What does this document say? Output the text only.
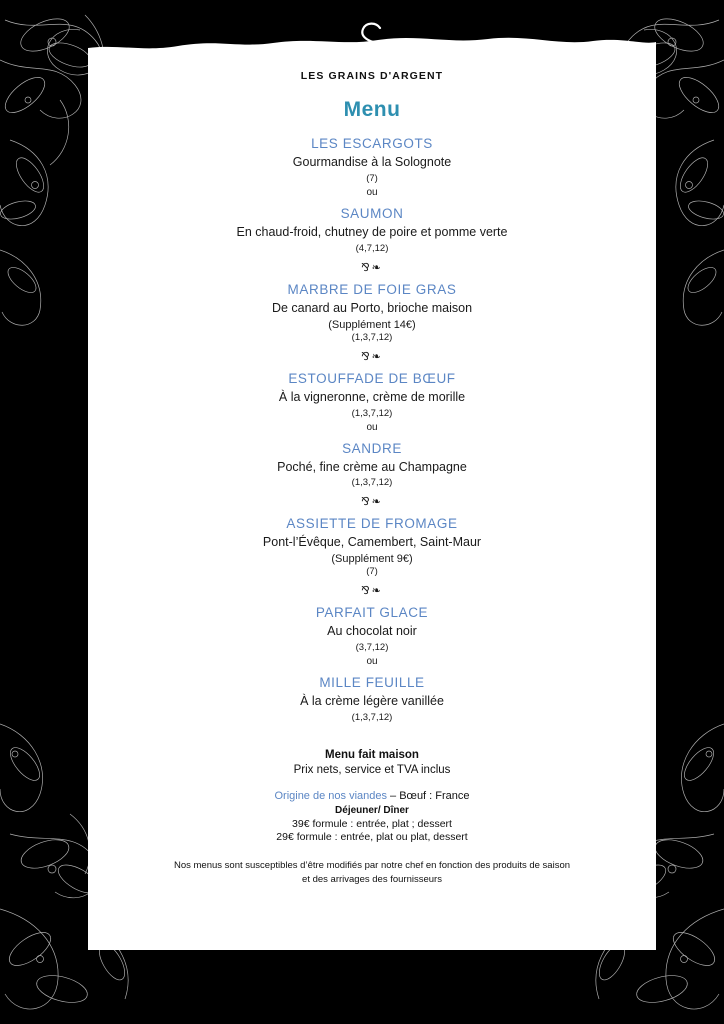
LES GRAINS D'ARGENT
Menu
LES ESCARGOTS
Gourmandise à la Solognote
(7)
ou
SAUMON
En chaud-froid, chutney de poire et pomme verte
(4,7,12)
⅋❧
MARBRE DE FOIE GRAS
De canard au Porto, brioche maison
(Supplément 14€)
(1,3,7,12)
⅋❧
ESTOUFFADE DE BŒUF
À la vigneronne, crème de morille
(1,3,7,12)
ou
SANDRE
Poché, fine crème au Champagne
(1,3,7,12)
⅋❧
ASSIETTE DE FROMAGE
Pont-l’Évêque, Camembert, Saint-Maur
(Supplément 9€)
(7)
⅋❧
PARFAIT GLACE
Au chocolat noir
(3,7,12)
ou
MILLE FEUILLE
À la crème légère vanillée
(1,3,7,12)
Menu fait maison
Prix nets, service et TVA inclus
Origine de nos viandes – Bœuf : France
Déjeuner/ Dîner
39€ formule : entrée, plat ; dessert
29€ formule : entrée, plat ou plat, dessert
Nos menus sont susceptibles d’être modifiés par notre chef en fonction des produits de saison
et des arrivages des fournisseurs
